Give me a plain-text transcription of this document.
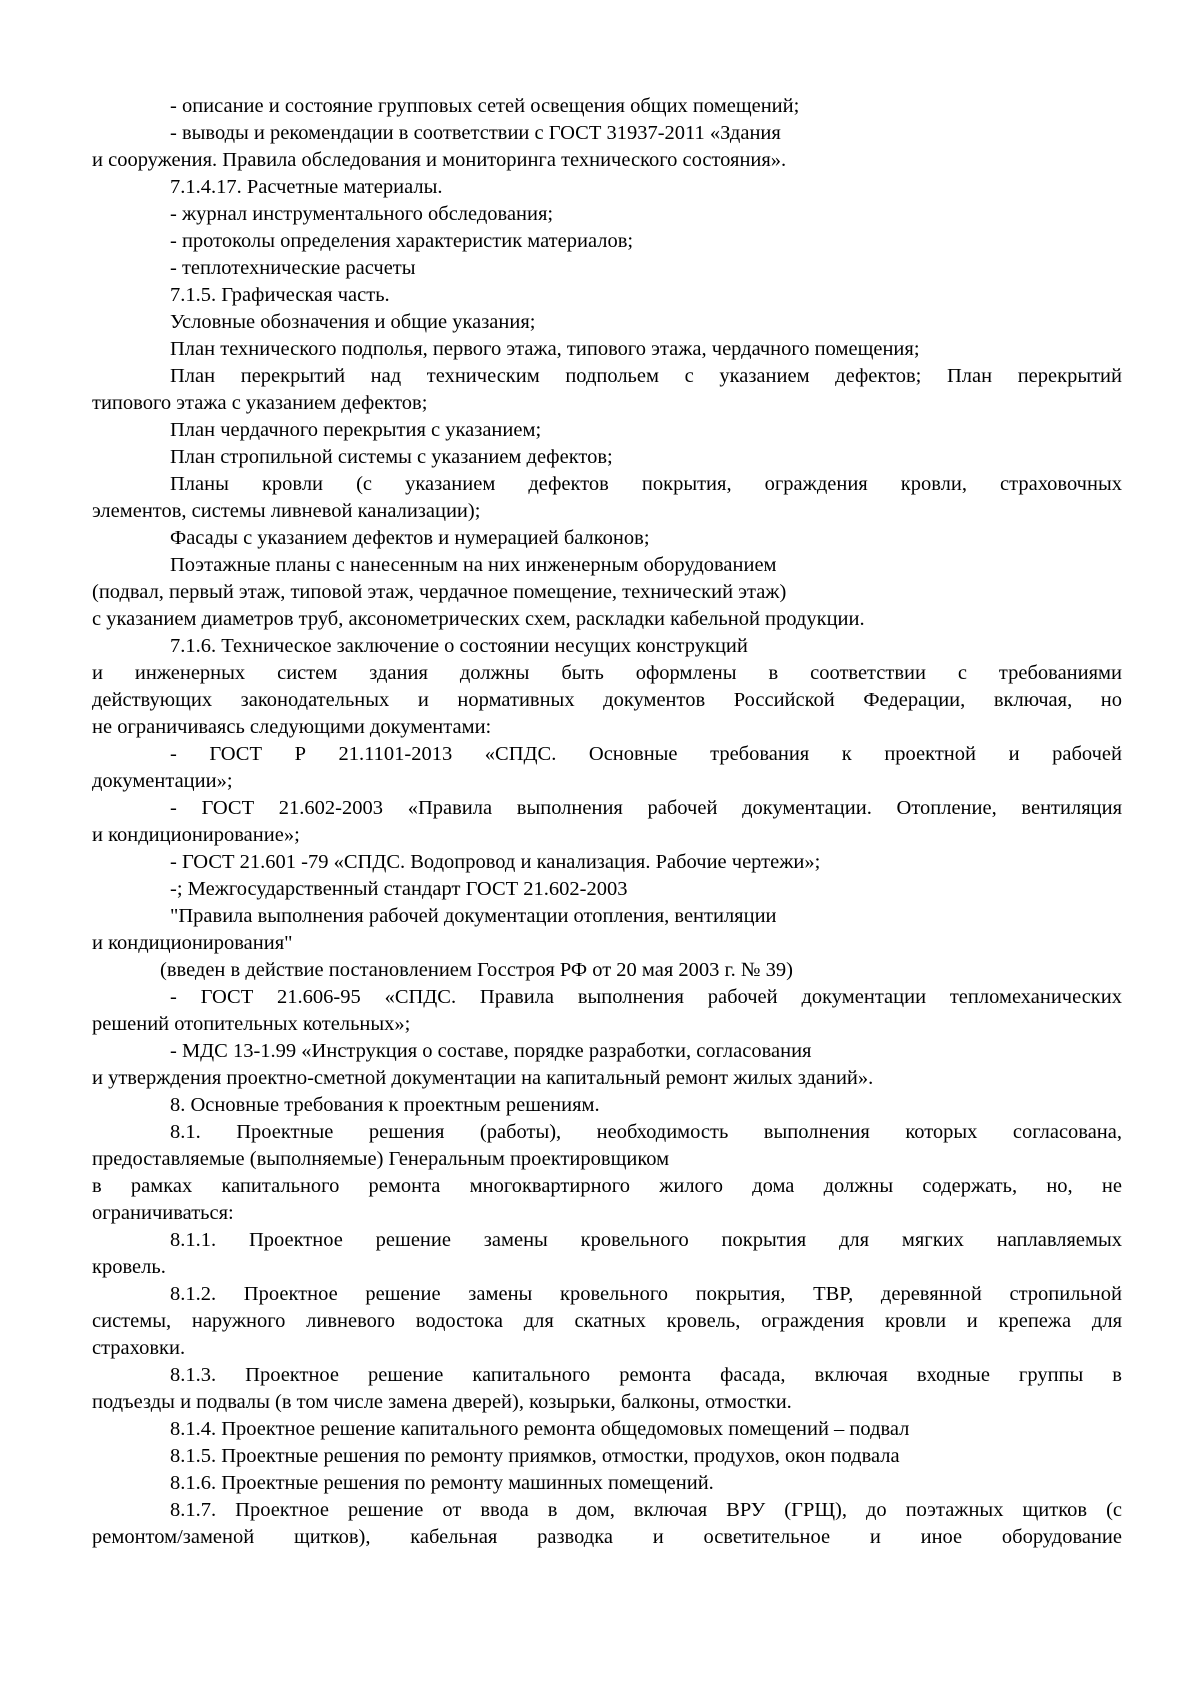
- описание и состояние групповых сетей освещения общих помещений;
- выводы и рекомендации в соответствии с ГОСТ 31937-2011 «Здания
и сооружения. Правила обследования и мониторинга технического состояния».
7.1.4.17. Расчетные материалы.
- журнал инструментального обследования;
- протоколы определения характеристик материалов;
- теплотехнические расчеты
7.1.5. Графическая часть.
Условные обозначения и общие указания;
План технического подполья, первого этажа, типового этажа, чердачного помещения;
План перекрытий над техническим подпольем с указанием дефектов; План перекрытий
типового этажа с указанием дефектов;
План чердачного перекрытия с указанием;
План стропильной системы с указанием дефектов;
Планы кровли (с указанием дефектов покрытия, ограждения кровли, страховочных
элементов, системы ливневой канализации);
Фасады с указанием дефектов и нумерацией балконов;
Поэтажные планы с нанесенным на них инженерным оборудованием
(подвал, первый этаж, типовой этаж, чердачное помещение, технический этаж)
с указанием диаметров труб, аксонометрических схем, раскладки кабельной продукции.
7.1.6. Техническое заключение о состоянии несущих конструкций
и инженерных систем здания должны быть оформлены в соответствии с требованиями
действующих законодательных и нормативных документов Российской Федерации, включая, но
не ограничиваясь следующими документами:
- ГОСТ Р 21.1101-2013 «СПДС. Основные требования к проектной и рабочей
документации»;
- ГОСТ 21.602-2003 «Правила выполнения рабочей документации. Отопление, вентиляция
и кондиционирование»;
- ГОСТ 21.601 -79 «СПДС. Водопровод и канализация. Рабочие чертежи»;
-; Межгосударственный стандарт ГОСТ 21.602-2003
"Правила выполнения рабочей документации отопления, вентиляции
и кондиционирования"
(введен в действие постановлением Госстроя РФ от 20 мая 2003 г. № 39)
- ГОСТ 21.606-95 «СПДС. Правила выполнения рабочей документации тепломеханических
решений отопительных котельных»;
- МДС 13-1.99 «Инструкция о составе, порядке разработки, согласования
и утверждения проектно-сметной документации на капитальный ремонт жилых зданий».
8. Основные требования к проектным решениям.
8.1. Проектные решения (работы), необходимость выполнения которых согласована,
предоставляемые (выполняемые) Генеральным проектировщиком
в рамках капитального ремонта многоквартирного жилого дома должны содержать, но, не
ограничиваться:
8.1.1. Проектное решение замены кровельного покрытия для мягких наплавляемых
кровель.
8.1.2. Проектное решение замены кровельного покрытия, ТВР, деревянной стропильной
системы, наружного ливневого водостока для скатных кровель, ограждения кровли и крепежа для
страховки.
8.1.3. Проектное решение капитального ремонта фасада, включая входные группы в
подъезды и подвалы (в том числе замена дверей), козырьки, балконы, отмостки.
8.1.4. Проектное решение капитального ремонта общедомовых помещений – подвал
8.1.5. Проектные решения по ремонту приямков, отмостки, продухов, окон подвала
8.1.6. Проектные решения по ремонту машинных помещений.
8.1.7. Проектное решение от ввода в дом, включая ВРУ (ГРЩ), до поэтажных щитков (с
ремонтом/заменой щитков), кабельная разводка и осветительное и иное оборудование
